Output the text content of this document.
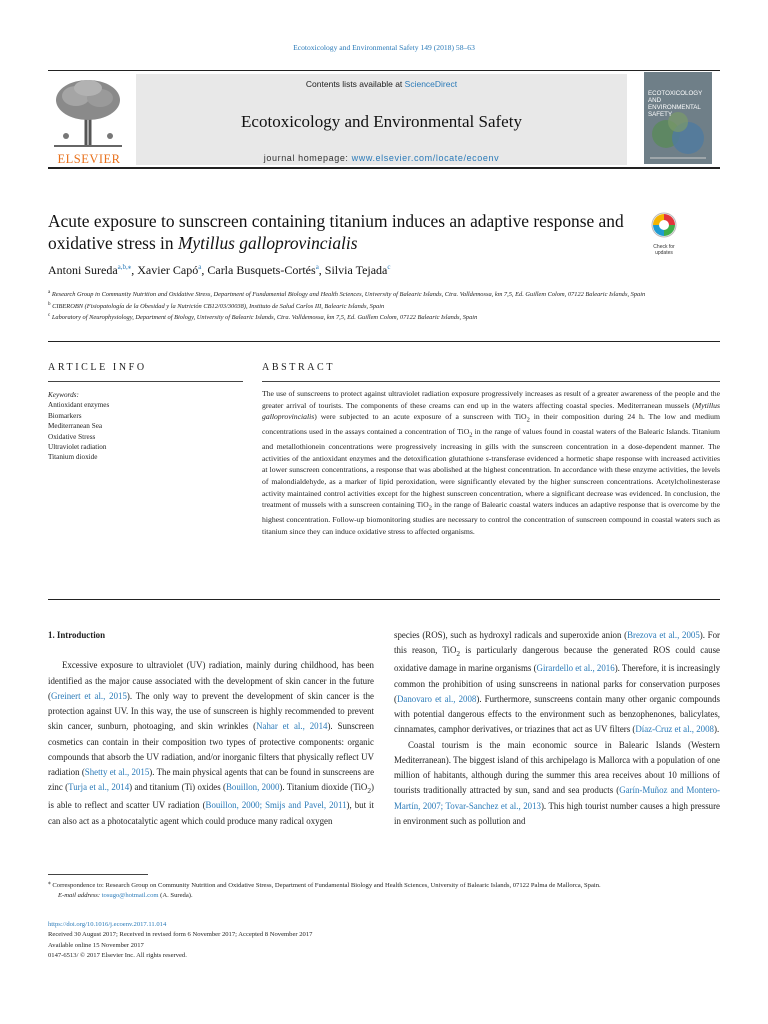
Ecotoxicology and Environmental Safety 149 (2018) 58–63
ELSEVIER
Contents lists available at ScienceDirect
Ecotoxicology and Environmental Safety
journal homepage: www.elsevier.com/locate/ecoenv
ECOTOXICOLOGY AND ENVIRONMENTAL SAFETY
Acute exposure to sunscreen containing titanium induces an adaptive response and oxidative stress in Mytillus galloprovincialis	Check for
updates
Antoni Sureda$^{a,b,⁎}$, Xavier Capó$^a$, Carla Busquets-Cortés$^a$, Silvia Tejada$^c$
$^a$ Research Group in Community Nutrition and Oxidative Stress, Department of Fundamental Biology and Health Sciences, University of Balearic Islands, Ctra. Valldemossa, km 7,5, Ed. Guillem Colom, 07122 Balearic Islands, Spain
$^b$ CIBEROBN (Fisiopatología de la Obesidad y la Nutrición CB12/03/30038), Instituto de Salud Carlos III, Balearic Islands, Spain
$^c$ Laboratory of Neurophysiology, Department of Biology, University of Balearic Islands, Ctra. Valldemossa, km 7,5, Ed. Guillem Colom, 07122 Balearic Islands, Spain
ARTICLE INFO	ABSTRACT
Keywords:
Antioxidant enzymes
Biomarkers
Mediterranean Sea
Oxidative Stress
Ultraviolet radiation
Titanium dioxide
The use of sunscreens to protect against ultraviolet radiation exposure progressively increases as result of a greater awareness of the people and the greater arrival of tourists. The components of these creams can end up in the waters affecting coastal species. Mediterranean mussels (Mytillus galloprovincialis) were subjected to an acute exposure of a sunscreen with TiO$_2$ in their composition during 24 h. The low and medium concentrations used in the assays contained a concentration of TiO$_2$ in the range of values found in coastal waters of the Balearic Islands. Titanium and metallothionein concentrations were progressively increasing in gills with the sunscreen concentration in a dose-dependent manner. The activities of the antioxidant enzymes and the detoxification glutathione s-transferase evidenced a hormetic shape response with increased activities at lower sunscreen concentrations, a response that was abolished at the highest concentration. In accordance with these enzyme activities, the levels of malondialdehyde, as a marker of lipid peroxidation, were significantly elevated by the higher sunscreen concentrations. Acetylcholinesterase activity maintained control activities except for the highest sunscreen concentration, where a significant decrease was evidenced. In conclusion, the treatment of mussels with a sunscreen containing TiO$_2$ in the range of Balearic coastal waters induces an adaptive response that is overcome by the highest concentration. Follow-up biomonitoring studies are necessary to control the concentration of sunscreen compound in coastal waters such as titanium since they can induce oxidative stress to affected organisms.
1. Introduction

Excessive exposure to ultraviolet (UV) radiation, mainly during childhood, has been identified as the major cause associated with the development of skin cancer in the future (Greinert et al., 2015). The only way to prevent the development of skin cancer is the protection against UV. In this way, the use of sunscreen is highly recommended to prevent skin cancer, sunburn, photoaging, and skin wrinkles (Nahar et al., 2014). Sunscreen cosmetics can contain in their composition two types of protective components: organic compounds that absorb the UV radiation, and/or inorganic filters that physically reflect UV radiation (Shetty et al., 2015). The main physical agents that can be found in sunscreens are zinc (Turja et al., 2014) and titanium (Ti) oxides (Bouillon, 2000). Titanium dioxide (TiO$_2$) is able to reflect and scatter UV radiation (Bouillon, 2000; Smijs and Pavel, 2011), but it can also act as a photocatalytic agent which could produce many radical oxygen

species (ROS), such as hydroxyl radicals and superoxide anion (Brezova et al., 2005). For this reason, TiO$_2$ is particularly dangerous because the generated ROS could cause oxidative damage in marine organisms (Girardello et al., 2016). Therefore, it is increasingly common the prohibition of using sunscreens in national parks for conservation purposes (Danovaro et al., 2008). Furthermore, sunscreens contain many other organic compounds with potential dangerous effects to the environment such as benzophenones, balicylates, cinnamates, camphor derivatives, or triazines that act as UV filters (Díaz-Cruz et al., 2008).

Coastal tourism is the main economic source in Balearic Islands (Western Mediterranean). The biggest island of this archipelago is Mallorca with a population of one million of habitants, although during the summer this area receives about 10 millions of tourists traditionally attracted by sun, sand and sea products (Garín-Muñoz and Montero-Martín, 2007; Tovar-Sanchez et al., 2013). This high tourist number causes a high pressure in environment such as pollution and

⁎ Correspondence to: Research Group on Community Nutrition and Oxidative Stress, Department of Fundamental Biology and Health Sciences, University of Balearic Islands, 07122 Palma de Mallorca, Spain.
E-mail address: tosugo@hotmail.com (A. Sureda).
https://doi.org/10.1016/j.ecoenv.2017.11.014
Received 30 August 2017; Received in revised form 6 November 2017; Accepted 8 November 2017
Available online 15 November 2017
0147-6513/ © 2017 Elsevier Inc. All rights reserved.
